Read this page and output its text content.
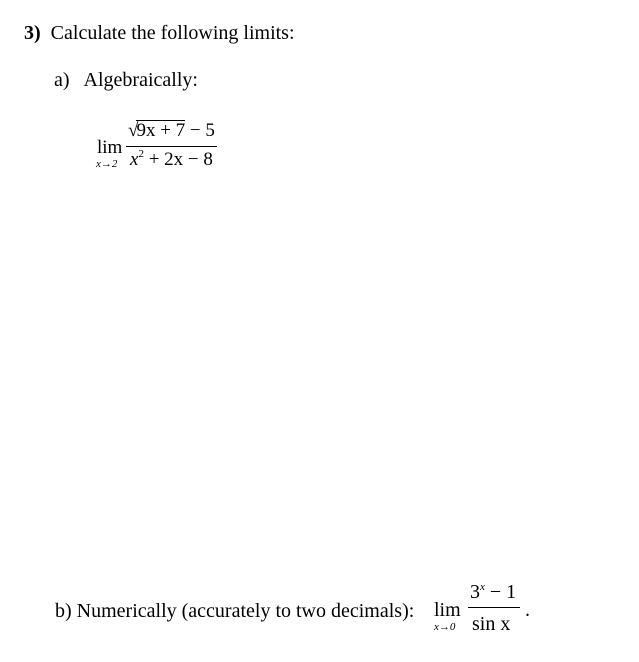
3) Calculate the following limits:
a) Algebraically:
lim
x→2
√9x + 7 − 5
$x^2 + 2x - 8$
b) Numerically (accurately to two decimals): lim
x→0
$3^x - 1$
sin x
.
